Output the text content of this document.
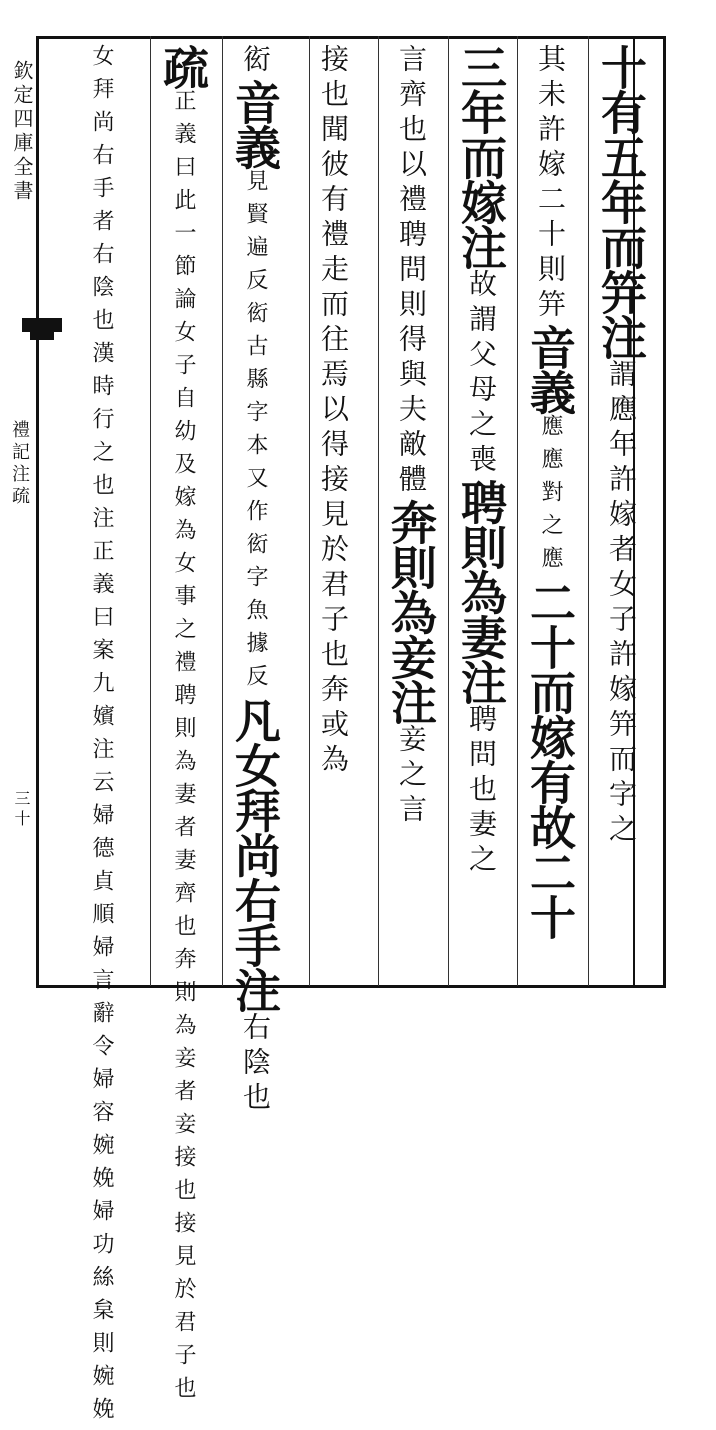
欽定四庫全書
禮記注疏
三十
十有五年而笄注謂應年許嫁者女子許嫁笄而字之
其未許嫁二十則笄音義應應對之應二十而嫁有故二十
三年而嫁注故謂父母之喪聘則為妻注聘問也妻之
言齊也以禮聘問則得與夫敵體奔則為妾注妾之言
接也聞彼有禮走而往焉以得接見於君子也奔或為
衒音義見賢遍反衒古縣字本又作衒字魚據反凡女拜尚右手注右陰也
疏正義曰此一節論女子自幼及嫁為女事之禮聘則為妻者妻齊也奔則為妾者妾接也接見於君子也
女拜尚右手者右陰也漢時行之也注正義曰案九嬪注云婦德貞順婦言辭令婦容婉娩婦功絲枲則婉娩
